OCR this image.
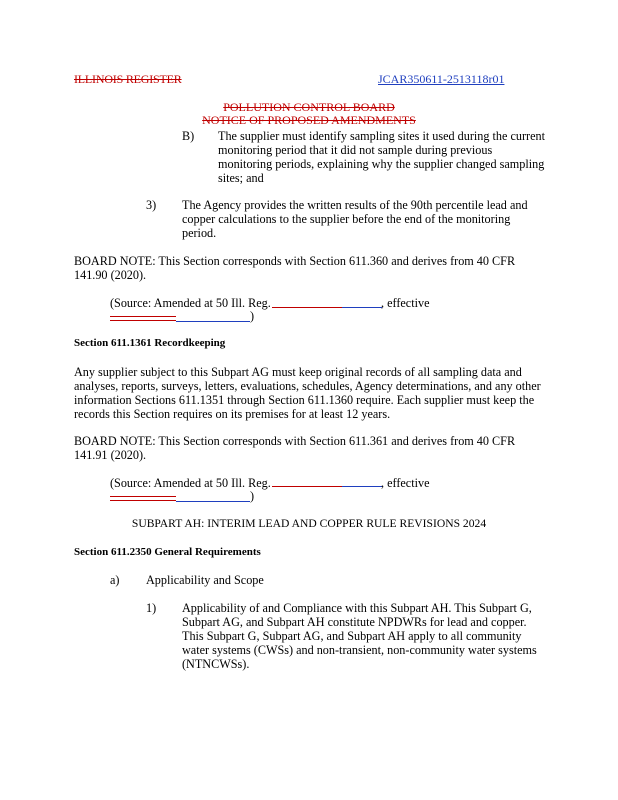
ILLINOIS REGISTER	JCAR350611-2513118r01
POLLUTION CONTROL BOARD
NOTICE OF PROPOSED AMENDMENTS
B)	The supplier must identify sampling sites it used during the current
monitoring period that it did not sample during previous
monitoring periods, explaining why the supplier changed sampling
sites; and
3)	The Agency provides the written results of the 90th percentile lead and
copper calculations to the supplier before the end of the monitoring
period.
BOARD NOTE: This Section corresponds with Section 611.360 and derives from 40 CFR
141.90 (2020).
(Source: Amended at 50 Ill. Reg.	, effective
)
Section 611.1361 Recordkeeping
Any supplier subject to this Subpart AG must keep original records of all sampling data and
analyses, reports, surveys, letters, evaluations, schedules, Agency determinations, and any other
information Sections 611.1351 through Section 611.1360 require. Each supplier must keep the
records this Section requires on its premises for at least 12 years.
BOARD NOTE: This Section corresponds with Section 611.361 and derives from 40 CFR
141.91 (2020).
(Source: Amended at 50 Ill. Reg.	, effective
)
SUBPART AH: INTERIM LEAD AND COPPER RULE REVISIONS 2024
Section 611.2350 General Requirements
a)	Applicability and Scope
1)	Applicability of and Compliance with this Subpart AH. This Subpart G,
Subpart AG, and Subpart AH constitute NPDWRs for lead and copper.
This Subpart G, Subpart AG, and Subpart AH apply to all community
water systems (CWSs) and non-transient, non-community water systems
(NTNCWSs).
